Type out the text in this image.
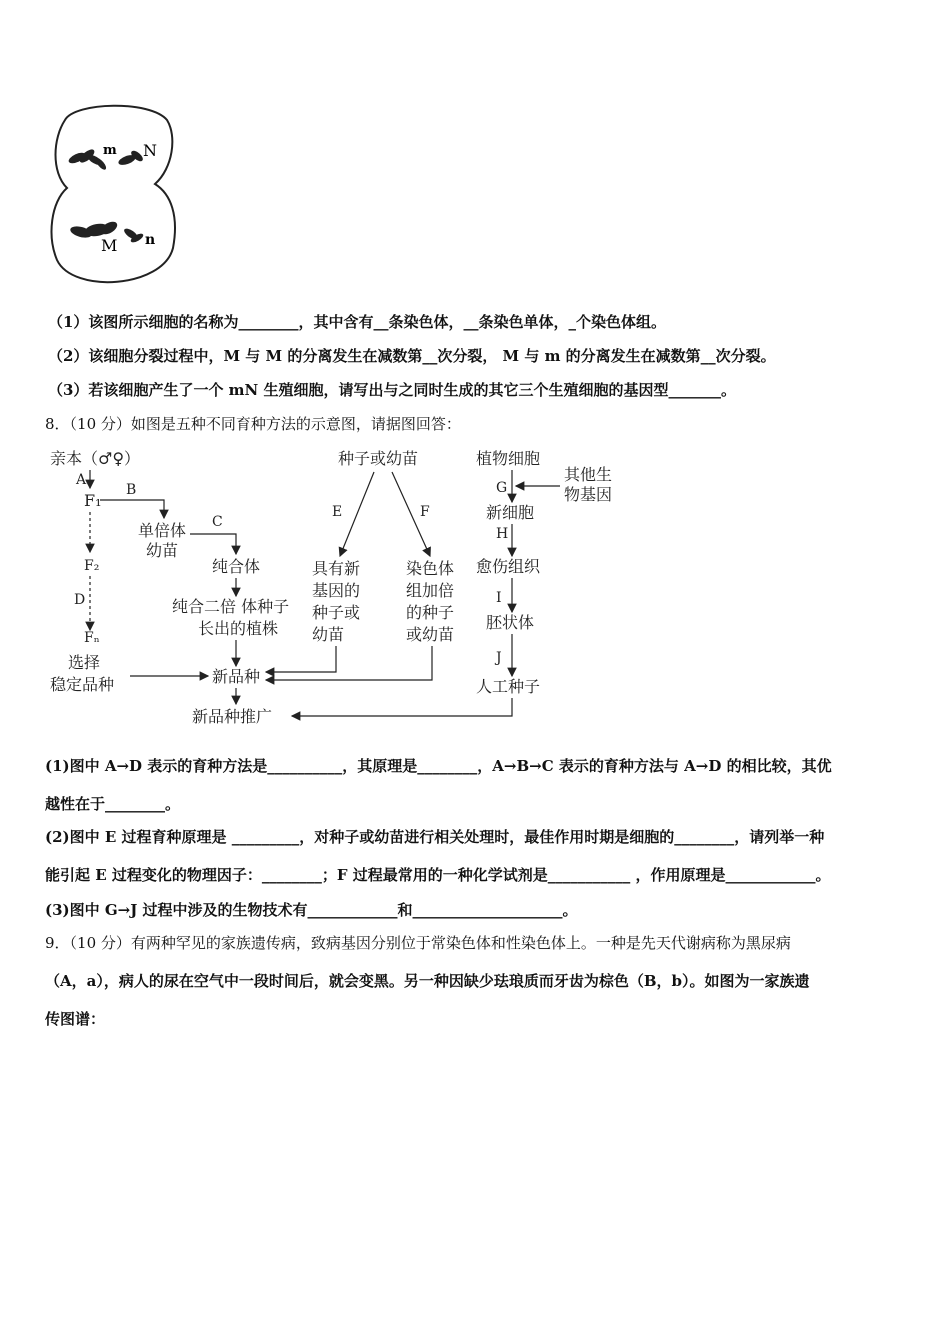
m N
M n
（1）该图所示细胞的名称为________，其中含有__条染色体，__条染色单体，_个染色体组。
（2）该细胞分裂过程中，M 与 M 的分离发生在减数第__次分裂， M 与 m 的分离发生在减数第__次分裂。
（3）若该细胞产生了一个 mN 生殖细胞，请写出与之同时生成的其它三个生殖细胞的基因型_______。
8．（10 分）如图是五种不同育种方法的示意图，请据图回答：
亲本（♂♀）
A
F₁
B
F₂
D
Fₙ
选择
稳定品种
单倍体
幼苗
C
纯合体
纯合二倍 体种子
长出的植株
新品种
新品种推广
种子或幼苗
E	F
具有新
基因的
种子或
幼苗
染色体
组加倍
的种子
或幼苗
植物细胞
G
其他生
物基因
新细胞
H
愈伤组织
I
胚状体
J
人工种子
(1)图中 A→D 表示的育种方法是__________，其原理是________，A→B→C 表示的育种方法与 A→D 的相比较，其优
越性在于________。
(2)图中 E 过程育种原理是 _________，对种子或幼苗进行相关处理时，最佳作用时期是细胞的________，请列举一种
能引起 E 过程变化的物理因子：________；F 过程最常用的一种化学试剂是___________ ，作用原理是____________。
(3)图中 G→J 过程中涉及的生物技术有____________和____________________。
9．（10 分）有两种罕见的家族遗传病，致病基因分别位于常染色体和性染色体上。一种是先天代谢病称为黑尿病
（A，a），病人的尿在空气中一段时间后，就会变黑。另一种因缺少珐琅质而牙齿为棕色（B，b）。如图为一家族遗
传图谱：
